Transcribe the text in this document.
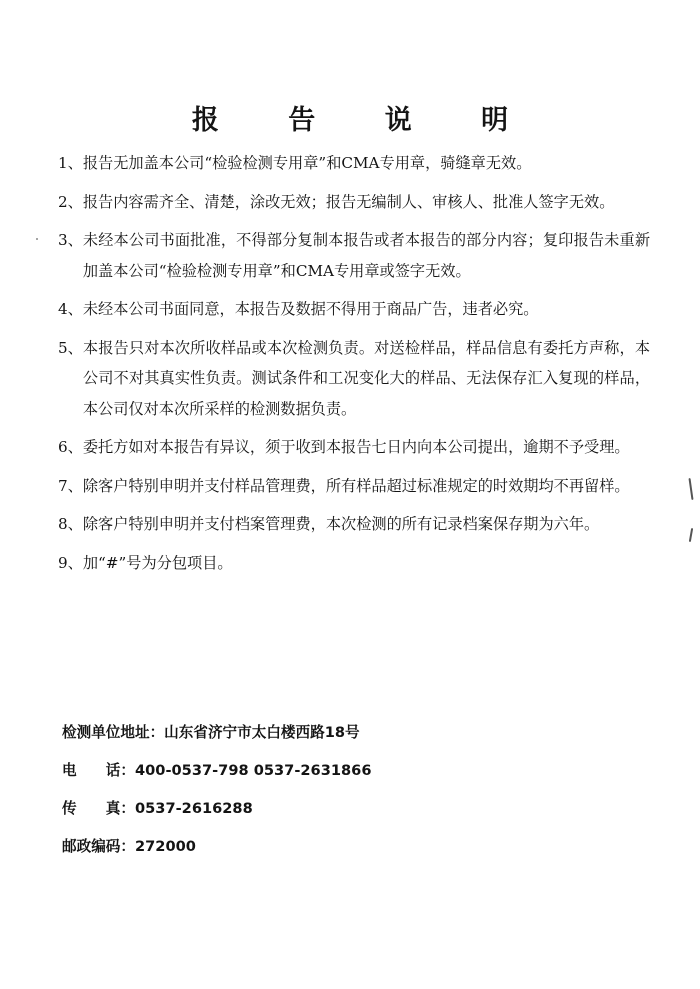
报 告 说 明
1、 报告无加盖本公司“检验检测专用章”和CMA专用章，骑缝章无效。
2、 报告内容需齐全、清楚，涂改无效；报告无编制人、审核人、批准人签字无效。
3、 未经本公司书面批准，不得部分复制本报告或者本报告的部分内容；复印报告未重新加盖本公司“检验检测专用章”和CMA专用章或签字无效。
4、 未经本公司书面同意，本报告及数据不得用于商品广告，违者必究。
5、 本报告只对本次所收样品或本次检测负责。对送检样品，样品信息有委托方声称，本公司不对其真实性负责。测试条件和工况变化大的样品、无法保存汇入复现的样品，本公司仅对本次所采样的检测数据负责。
6、 委托方如对本报告有异议，须于收到本报告七日内向本公司提出，逾期不予受理。
7、 除客户特别申明并支付样品管理费，所有样品超过标准规定的时效期均不再留样。
8、 除客户特别申明并支付档案管理费，本次检测的所有记录档案保存期为六年。
9、 加“#”号为分包项目。
检测单位地址：山东省济宁市太白楼西路18号
电　　话：400-0537-798 0537-2631866
传　　真：0537-2616288
邮政编码：272000
